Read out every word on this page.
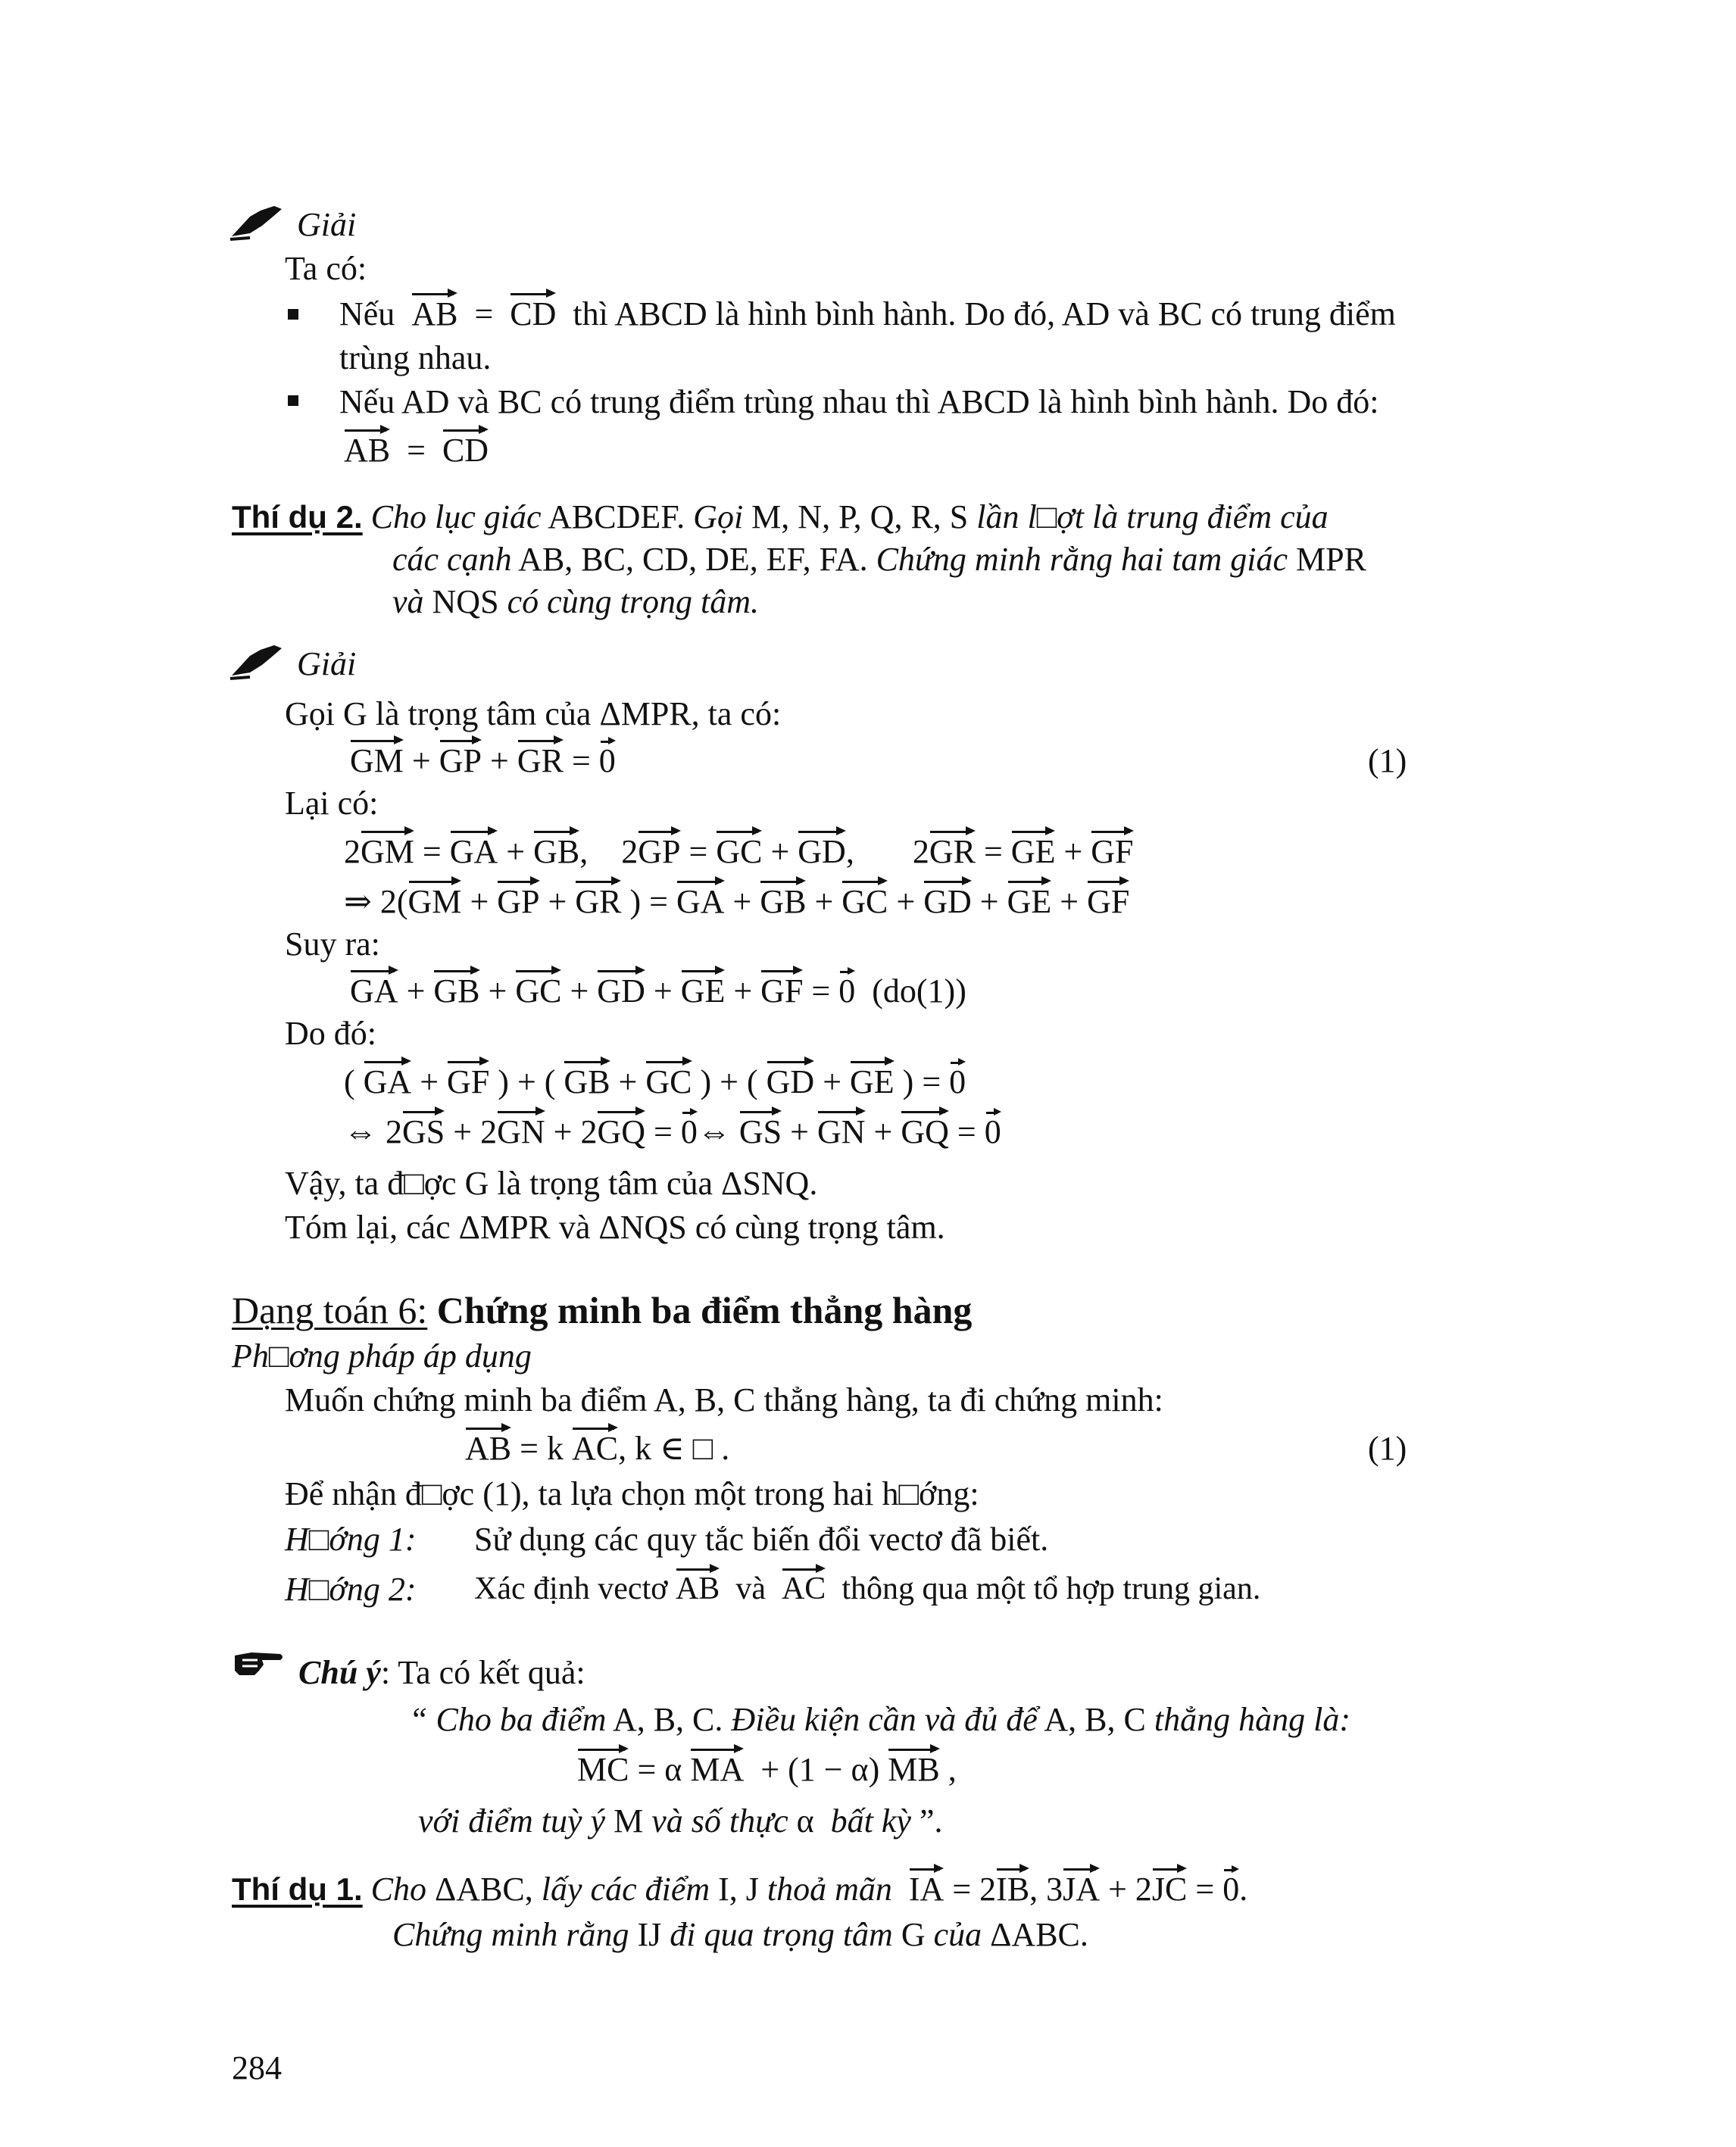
Giải
Ta có:
Nếu AB = CD thì ABCD là hình bình hành. Do đó, AD và BC có trung điểm
trùng nhau.
Nếu AD và BC có trung điểm trùng nhau thì ABCD là hình bình hành. Do đó:
AB = CD
Thí dụ 2. Cho lục giác ABCDEF. Gọi M, N, P, Q, R, S lần l□ợt là trung điểm của
các cạnh AB, BC, CD, DE, EF, FA. Chứng minh rằng hai tam giác MPR
và NQS có cùng trọng tâm.
Giải
Gọi G là trọng tâm của ΔMPR, ta có:
GM + GP + GR = 0	(1)
Lại có:
2GM = GA + GB,    2GP = GC + GD,       2GR = GE + GF
⇒ 2(GM + GP + GR ) = GA + GB + GC + GD + GE + GF
Suy ra:
GA + GB + GC + GD + GE + GF = 0 (do(1))
Do đó:
( GA + GF ) + ( GB + GC ) + ( GD + GE ) = 0
⇔ 2GS + 2GN + 2GQ = 0⇔ GS + GN + GQ = 0
Vậy, ta đ□ợc G là trọng tâm của ΔSNQ.
Tóm lại, các ΔMPR và ΔNQS có cùng trọng tâm.
Dạng toán 6: Chứng minh ba điểm thẳng hàng
Ph□ơng pháp áp dụng
Muốn chứng minh ba điểm A, B, C thẳng hàng, ta đi chứng minh:
AB = k AC, k ∈ □ .	(1)
Để nhận đ□ợc (1), ta lựa chọn một trong hai h□ớng:
H□ớng 1: Sử dụng các quy tắc biến đổi vectơ đã biết.
H□ớng 2: Xác định vectơ AB và AC thông qua một tổ hợp trung gian.
Chú ý: Ta có kết quả:
“ Cho ba điểm A, B, C. Điều kiện cần và đủ để A, B, C thẳng hàng là:
MC = α MA + (1 − α) MB ,
với điểm tuỳ ý M và số thực α bất kỳ ”.
Thí dụ 1. Cho ΔABC, lấy các điểm I, J thoả mãn IA = 2IB, 3JA + 2JC = 0.
Chứng minh rằng IJ đi qua trọng tâm G của ΔABC.
284
